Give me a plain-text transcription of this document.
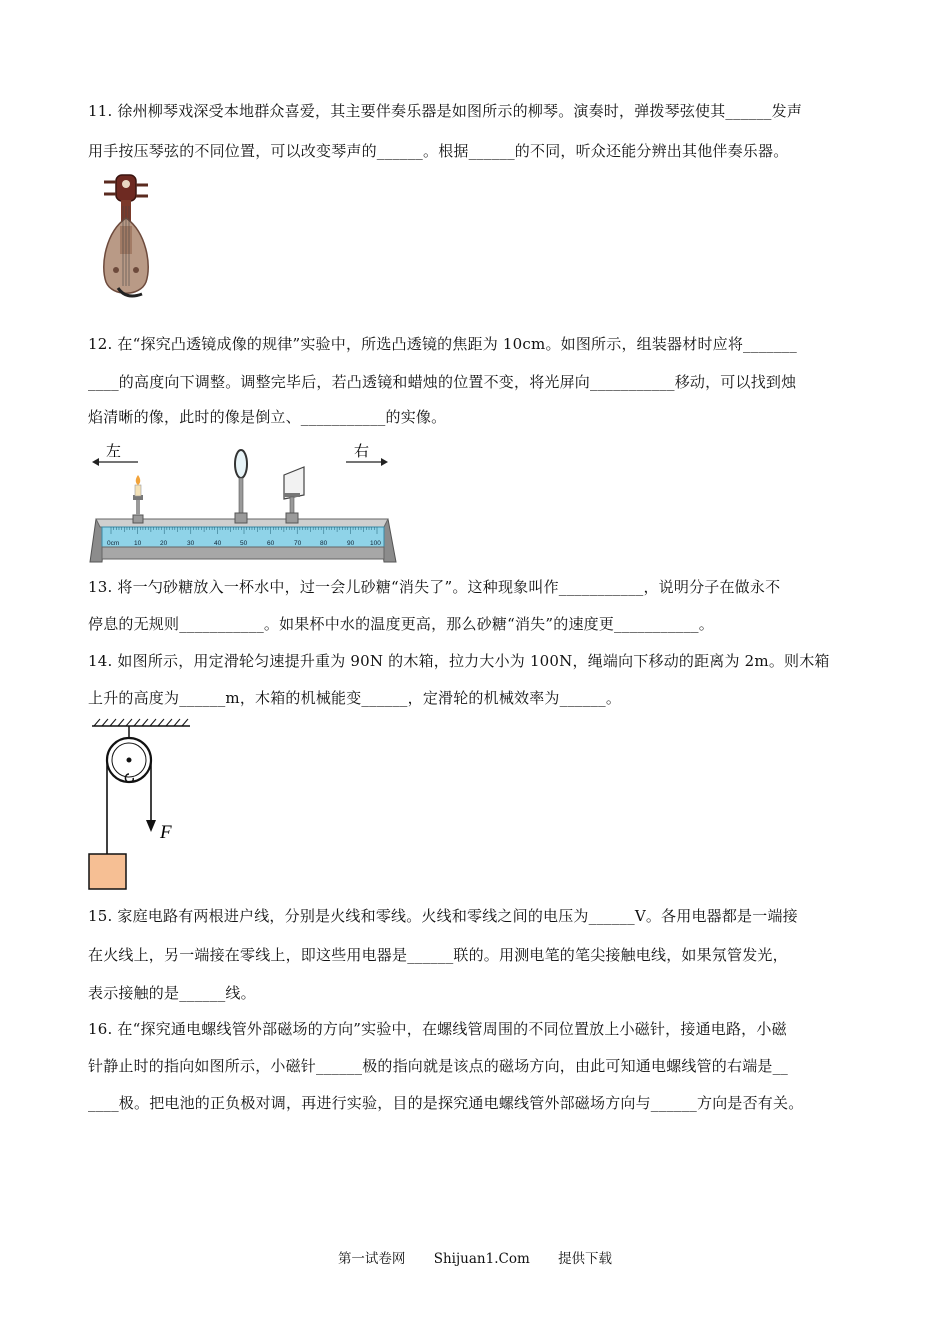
11. 徐州柳琴戏深受本地群众喜爱，其主要伴奏乐器是如图所示的柳琴。演奏时，弹拨琴弦使其______发声
用手按压琴弦的不同位置，可以改变琴声的______。根据______的不同，听众还能分辨出其他伴奏乐器。
12. 在“探究凸透镜成像的规律”实验中，所选凸透镜的焦距为 10cm。如图所示，组装器材时应将_______
____的高度向下调整。调整完毕后，若凸透镜和蜡烛的位置不变，将光屏向___________移动，可以找到烛
焰清晰的像，此时的像是倒立、___________的实像。
左	右
0cm 10	20	30	40	50	60	70	80	90 100
13. 将一勺砂糖放入一杯水中，过一会儿砂糖“消失了”。这种现象叫作___________，说明分子在做永不
停息的无规则___________。如果杯中水的温度更高，那么砂糖“消失”的速度更___________。
14. 如图所示，用定滑轮匀速提升重为 90N 的木箱，拉力大小为 100N，绳端向下移动的距离为 2m。则木箱
上升的高度为______m，木箱的机械能变______，定滑轮的机械效率为______。
F
15. 家庭电路有两根进户线，分别是火线和零线。火线和零线之间的电压为______V。各用电器都是一端接
在火线上，另一端接在零线上，即这些用电器是______联的。用测电笔的笔尖接触电线，如果氖管发光，
表示接触的是______线。
16. 在“探究通电螺线管外部磁场的方向”实验中，在螺线管周围的不同位置放上小磁针，接通电路，小磁
针静止时的指向如图所示，小磁针______极的指向就是该点的磁场方向，由此可知通电螺线管的右端是__
____极。把电池的正负极对调，再进行实验，目的是探究通电螺线管外部磁场方向与______方向是否有关。
第一试卷网 Shijuan1.Com 提供下载
